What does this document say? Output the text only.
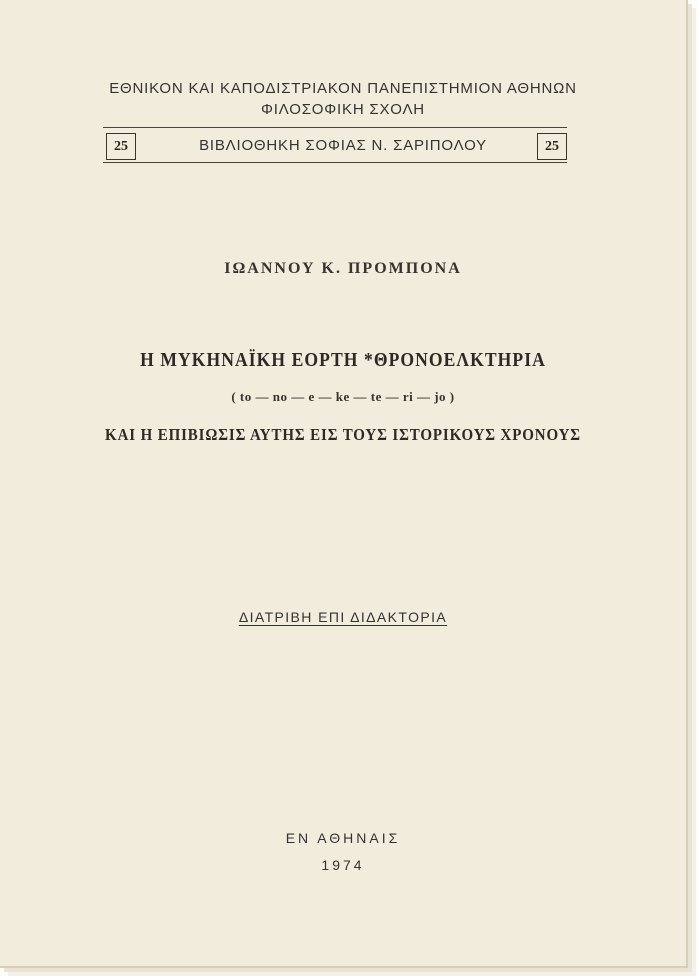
ΕΘΝΙΚΟΝ ΚΑΙ ΚΑΠΟΔΙΣΤΡΙΑΚΟΝ ΠΑΝΕΠΙΣΤΗΜΙΟΝ ΑΘΗΝΩΝ
ΦΙΛΟΣΟΦΙΚΗ ΣΧΟΛΗ
25	ΒΙΒΛΙΟΘΗΚΗ ΣΟΦΙΑΣ Ν. ΣΑΡΙΠΟΛΟΥ	25
ΙΩΑΝΝΟΥ Κ. ΠΡΟΜΠΟΝΑ
Η ΜΥΚΗΝΑΪΚΗ ΕΟΡΤΗ *ΘΡΟΝΟΕΛΚΤΗΡΙΑ
( to — no — e — ke — te — ri — jo )
ΚΑΙ Η ΕΠΙΒΙΩΣΙΣ ΑΥΤΗΣ ΕΙΣ ΤΟΥΣ ΙΣΤΟΡΙΚΟΥΣ ΧΡΟΝΟΥΣ
ΔΙΑΤΡΙΒΗ ΕΠΙ ΔΙΔΑΚΤΟΡΙΑ
ΕΝ ΑΘΗΝΑΙΣ
1974
